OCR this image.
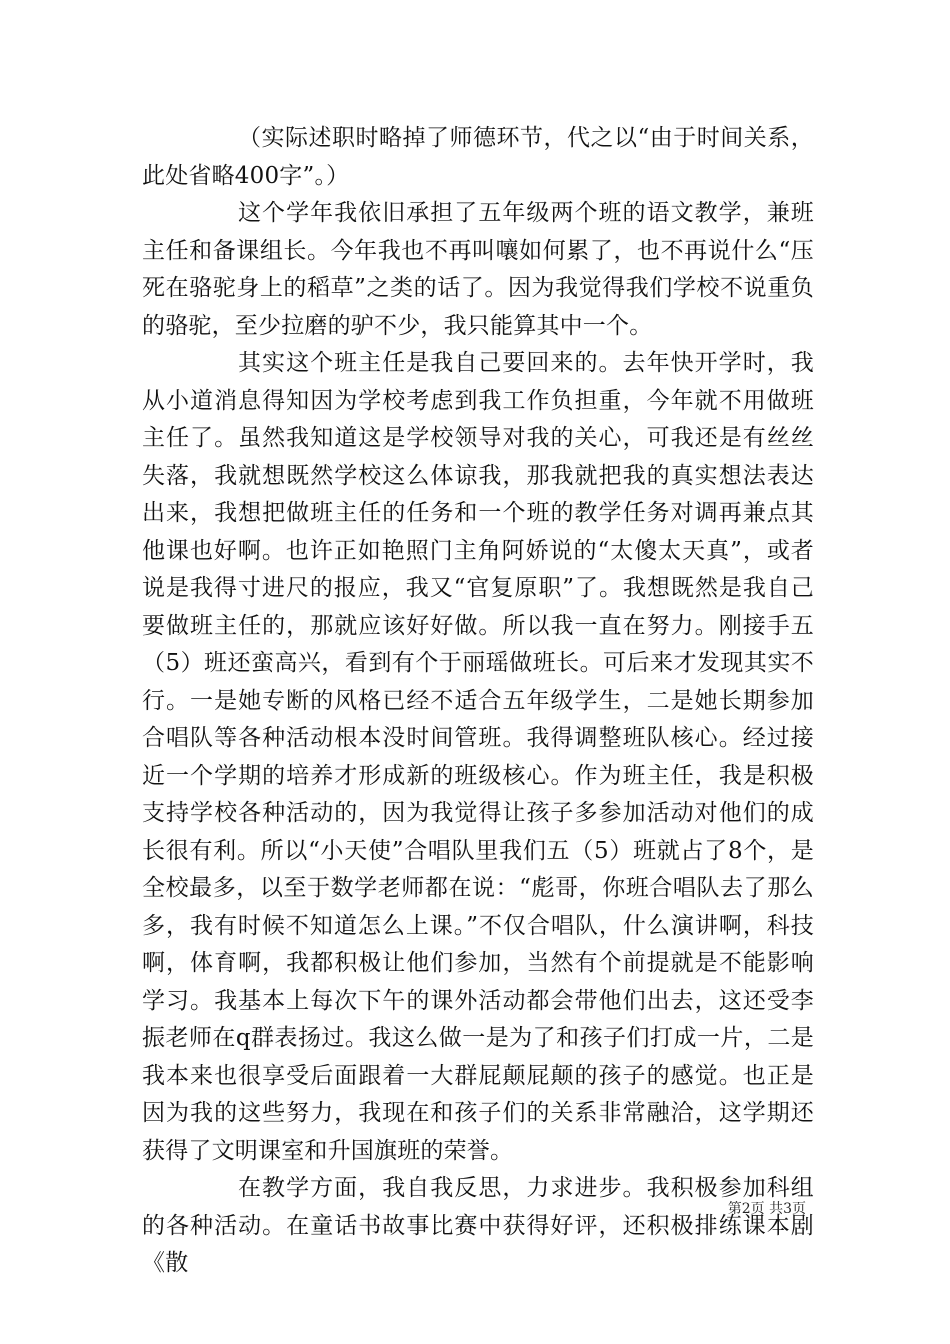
（实际述职时略掉了师德环节，代之以“由于时间关系，此处省略400字”。）

这个学年我依旧承担了五年级两个班的语文教学，兼班主任和备课组长。今年我也不再叫嚷如何累了，也不再说什么“压死在骆驼身上的稻草”之类的话了。因为我觉得我们学校不说重负的骆驼，至少拉磨的驴不少，我只能算其中一个。

其实这个班主任是我自己要回来的。去年快开学时，我从小道消息得知因为学校考虑到我工作负担重，今年就不用做班主任了。虽然我知道这是学校领导对我的关心，可我还是有丝丝失落，我就想既然学校这么体谅我，那我就把我的真实想法表达出来，我想把做班主任的任务和一个班的教学任务对调再兼点其他课也好啊。也许正如艳照门主角阿娇说的“太傻太天真”，或者说是我得寸进尺的报应，我又“官复原职”了。我想既然是我自己要做班主任的，那就应该好好做。所以我一直在努力。刚接手五（5）班还蛮高兴，看到有个于丽瑶做班长。可后来才发现其实不行。一是她专断的风格已经不适合五年级学生，二是她长期参加合唱队等各种活动根本没时间管班。我得调整班队核心。经过接近一个学期的培养才形成新的班级核心。作为班主任，我是积极支持学校各种活动的，因为我觉得让孩子多参加活动对他们的成长很有利。所以“小天使”合唱队里我们五（5）班就占了8个，是全校最多，以至于数学老师都在说：“彪哥，你班合唱队去了那么多，我有时候不知道怎么上课。”不仅合唱队，什么演讲啊，科技啊，体育啊，我都积极让他们参加，当然有个前提就是不能影响学习。我基本上每次下午的课外活动都会带他们出去，这还受李振老师在q群表扬过。我这么做一是为了和孩子们打成一片，二是我本来也很享受后面跟着一大群屁颠屁颠的孩子的感觉。也正是因为我的这些努力，我现在和孩子们的关系非常融洽，这学期还获得了文明课室和升国旗班的荣誉。

在教学方面，我自我反思，力求进步。我积极参加科组的各种活动。在童话书故事比赛中获得好评，还积极排练课本剧《散

第2页 共3页
